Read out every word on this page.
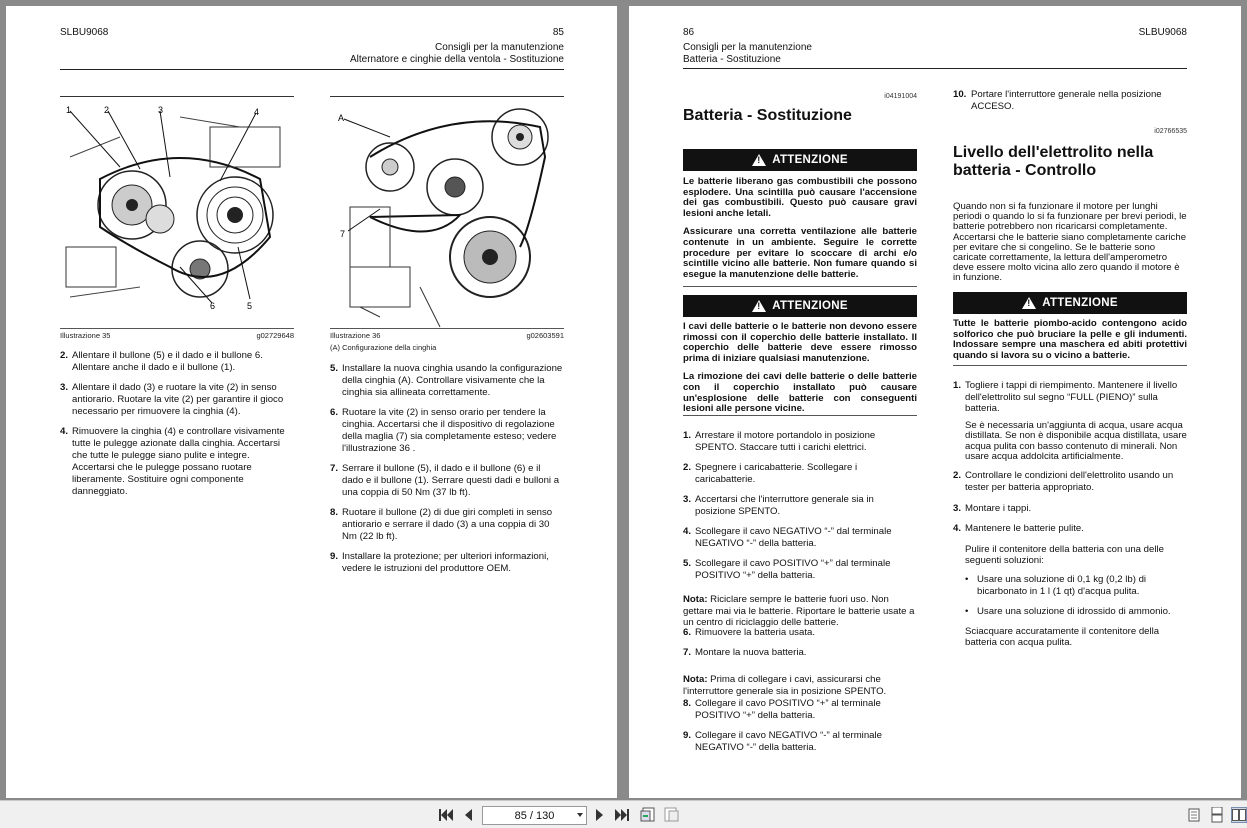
SLBU9068	85
Consigli per la manutenzione
Alternatore e cinghie della ventola - Sostituzione
1	2	3	4
5
6
Illustrazione 35	g02729648
A
7
Illustrazione 36	g02603591
(A) Configurazione della cinghia
2. Allentare il bullone (5) e il dado e il bullone 6. Allentare anche il dado e il bullone (1).
3. Allentare il dado (3) e ruotare la vite (2) in senso antiorario. Ruotare la vite (2) per garantire il gioco necessario per rimuovere la cinghia (4).
4. Rimuovere la cinghia (4) e controllare visivamente tutte le pulegge azionate dalla cinghia. Accertarsi che tutte le pulegge siano pulite e integre. Accertarsi che le pulegge possano ruotare liberamente. Sostituire ogni componente danneggiato.
5. Installare la nuova cinghia usando la configurazione della cinghia (A). Controllare visivamente che la cinghia sia allineata correttamente.
6. Ruotare la vite (2) in senso orario per tendere la cinghia. Accertarsi che il dispositivo di regolazione della maglia (7) sia completamente esteso; vedere l'illustrazione 36 .
7. Serrare il bullone (5), il dado e il bullone (6) e il dado e il bullone (1). Serrare questi dadi e bulloni a una coppia di 50 Nm (37 lb ft).
8. Ruotare il bullone (2) di due giri completi in senso antiorario e serrare il dado (3) a una coppia di 30 Nm (22 lb ft).
9. Installare la protezione; per ulteriori informazioni, vedere le istruzioni del produttore OEM.
86	SLBU9068
Consigli per la manutenzione
Batteria - Sostituzione
i04191004
Batteria - Sostituzione
!
ATTENZIONE

Le batterie liberano gas combustibili che possono esplodere. Una scintilla può causare l'accensione dei gas combustibili. Questo può causare gravi lesioni anche letali.

Assicurare una corretta ventilazione alle batterie contenute in un ambiente. Seguire le corrette procedure per evitare lo scoccare di archi e/o scintille vicino alle batterie. Non fumare quando si esegue la manutenzione delle batterie.

!
ATTENZIONE

I cavi delle batterie o le batterie non devono essere rimossi con il coperchio delle batterie installato. Il coperchio delle batterie deve essere rimosso prima di iniziare qualsiasi manutenzione.

La rimozione dei cavi delle batterie o delle batterie con il coperchio installato può causare un'esplosione delle batterie con conseguenti lesioni alle persone vicine.

1. Arrestare il motore portandolo in posizione SPENTO. Staccare tutti i carichi elettrici.
2. Spegnere i caricabatterie. Scollegare i caricabatterie.
3. Accertarsi che l'interruttore generale sia in posizione SPENTO.
4. Scollegare il cavo NEGATIVO “-” dal terminale NEGATIVO “-” della batteria.
5. Scollegare il cavo POSITIVO “+” dal terminale POSITIVO “+” della batteria.
Nota: Riciclare sempre le batterie fuori uso. Non gettare mai via le batterie. Riportare le batterie usate a un centro di riciclaggio delle batterie.
6. Rimuovere la batteria usata.
7. Montare la nuova batteria.
Nota: Prima di collegare i cavi, assicurarsi che l'interruttore generale sia in posizione SPENTO.
8. Collegare il cavo POSITIVO “+” al terminale POSITIVO “+” della batteria.
9. Collegare il cavo NEGATIVO “-” al terminale NEGATIVO “-” della batteria.
10. Portare l'interruttore generale nella posizione ACCESO.
i02766535
Livello dell'elettrolito nella batteria - Controllo
Quando non si fa funzionare il motore per lunghi periodi o quando lo si fa funzionare per brevi periodi, le batterie potrebbero non ricaricarsi completamente. Accertarsi che le batterie siano completamente cariche per evitare che si congelino. Se le batterie sono caricate correttamente, la lettura dell'amperometro deve essere molto vicina allo zero quando il motore è in funzione.
!
ATTENZIONE
Tutte le batterie piombo-acido contengono acido solforico che può bruciare la pelle e gli indumenti. Indossare sempre una maschera ed abiti protettivi quando si lavora su o vicino a batterie.
1. Togliere i tappi di riempimento. Mantenere il livello dell'elettrolito sul segno “FULL (PIENO)” sulla batteria.
Se è necessaria un'aggiunta di acqua, usare acqua distillata. Se non è disponibile acqua distillata, usare acqua pulita con basso contenuto di minerali. Non usare acqua addolcita artificialmente.
2. Controllare le condizioni dell'elettrolito usando un tester per batteria appropriato.
3. Montare i tappi.
4. Mantenere le batterie pulite.
Pulire il contenitore della batteria con una delle seguenti soluzioni:
• Usare una soluzione di 0,1 kg (0,2 lb) di bicarbonato in 1 l (1 qt) d'acqua pulita.
• Usare una soluzione di idrossido di ammonio.
Sciacquare accuratamente il contenitore della batteria con acqua pulita.
85 / 130
